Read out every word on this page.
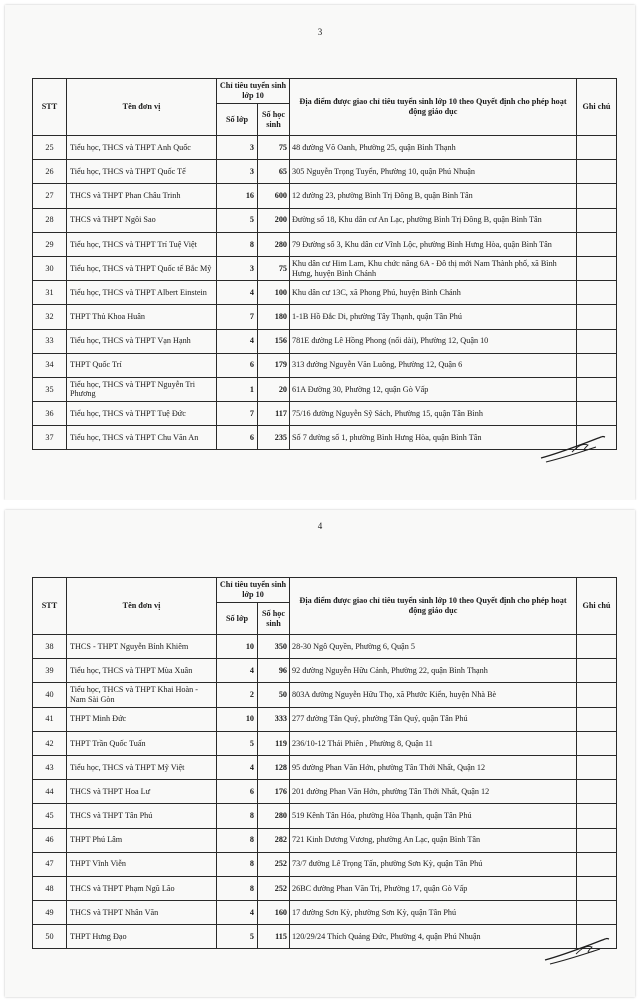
3
STT	Tên đơn vị	Chỉ tiêu tuyển sinh lớp 10		Địa điểm được giao chỉ tiêu tuyển sinh lớp 10 theo Quyết định cho phép hoạt động giáo dục	Ghi chú
		Số lớp	Số học sinh		
25	Tiểu học, THCS và THPT Anh Quốc	3	75	48 đường Võ Oanh, Phường 25, quận Bình Thạnh	
26	Tiểu học, THCS và THPT Quốc Tế	3	65	305 Nguyễn Trọng Tuyển, Phường 10, quận Phú Nhuận	
27	THCS và THPT Phan Châu Trinh	16	600	12 đường 23, phường Bình Trị Đông B, quận Bình Tân	
28	THCS và THPT Ngôi Sao	5	200	Đường số 18, Khu dân cư An Lạc, phường Bình Trị Đông B, quận Bình Tân	
29	Tiểu học, THCS và THPT Trí Tuệ Việt	8	280	79 Đường số 3, Khu dân cư Vĩnh Lộc, phường Bình Hưng Hòa, quận Bình Tân	
30	Tiểu học, THCS và THPT Quốc tế Bắc Mỹ	3	75	Khu dân cư Him Lam, Khu chức năng 6A - Đô thị mới Nam Thành phố, xã Bình Hưng, huyện Bình Chánh	
31	Tiểu học, THCS và THPT Albert Einstein	4	100	Khu dân cư 13C, xã Phong Phú, huyện Bình Chánh	
32	THPT Thủ Khoa Huân	7	180	1-1B Hồ Đắc Di, phường Tây Thạnh, quận Tân Phú	
33	Tiểu học, THCS và THPT Vạn Hạnh	4	156	781E đường Lê Hồng Phong (nối dài), Phường 12, Quận 10	
34	THPT Quốc Trí	6	179	313 đường Nguyễn Văn Luông, Phường 12, Quận 6	
35	Tiểu học, THCS và THPT Nguyễn Tri Phương	1	20	61A Đường 30, Phường 12, quận Gò Vấp	
36	Tiểu học, THCS và THPT Tuệ Đức	7	117	75/16 đường Nguyễn Sỹ Sách, Phường 15, quận Tân Bình	
37	Tiểu học, THCS và THPT Chu Văn An	6	235	Số 7 đường số 1, phường Bình Hưng Hòa, quận Bình Tân	
4
STT	Tên đơn vị	Chỉ tiêu tuyển sinh lớp 10		Địa điểm được giao chỉ tiêu tuyển sinh lớp 10 theo Quyết định cho phép hoạt động giáo dục	Ghi chú
		Số lớp	Số học sinh		
38	THCS - THPT Nguyễn Bỉnh Khiêm	10	350	28-30 Ngô Quyền, Phường 6, Quận 5	
39	Tiểu học, THCS và THPT Mùa Xuân	4	96	92 đường Nguyễn Hữu Cảnh, Phường 22, quận Bình Thạnh	
40	Tiểu học, THCS và THPT Khai Hoàn - Nam Sài Gòn	2	50	803A đường Nguyễn Hữu Thọ, xã Phước Kiển, huyện Nhà Bè	
41	THPT Minh Đức	10	333	277 đường Tân Quý, phường Tân Quý, quận Tân Phú	
42	THPT Trần Quốc Tuấn	5	119	236/10-12 Thái Phiên , Phường 8, Quận 11	
43	Tiểu học, THCS và THPT Mỹ Việt	4	128	95 đường Phan Văn Hớn, phường Tân Thới Nhất, Quận 12	
44	THCS và THPT Hoa Lư	6	176	201 đường Phan Văn Hớn, phường Tân Thới Nhất, Quận 12	
45	THCS và THPT Tân Phú	8	280	519 Kênh Tân Hóa, phường Hòa Thạnh, quận Tân Phú	
46	THPT Phú Lâm	8	282	721 Kinh Dương Vương, phường An Lạc, quận Bình Tân	
47	THPT Vĩnh Viễn	8	252	73/7 đường Lê Trọng Tấn, phường Sơn Kỳ, quận Tân Phú	
48	THCS và THPT Phạm Ngũ Lão	8	252	26BC đường Phan Văn Trị, Phường 17, quận Gò Vấp	
49	THCS và THPT Nhân Văn	4	160	17 đường Sơn Kỳ, phường Sơn Kỳ, quận Tân Phú	
50	THPT Hưng Đạo	5	115	120/29/24 Thích Quảng Đức, Phường 4, quận Phú Nhuận	
